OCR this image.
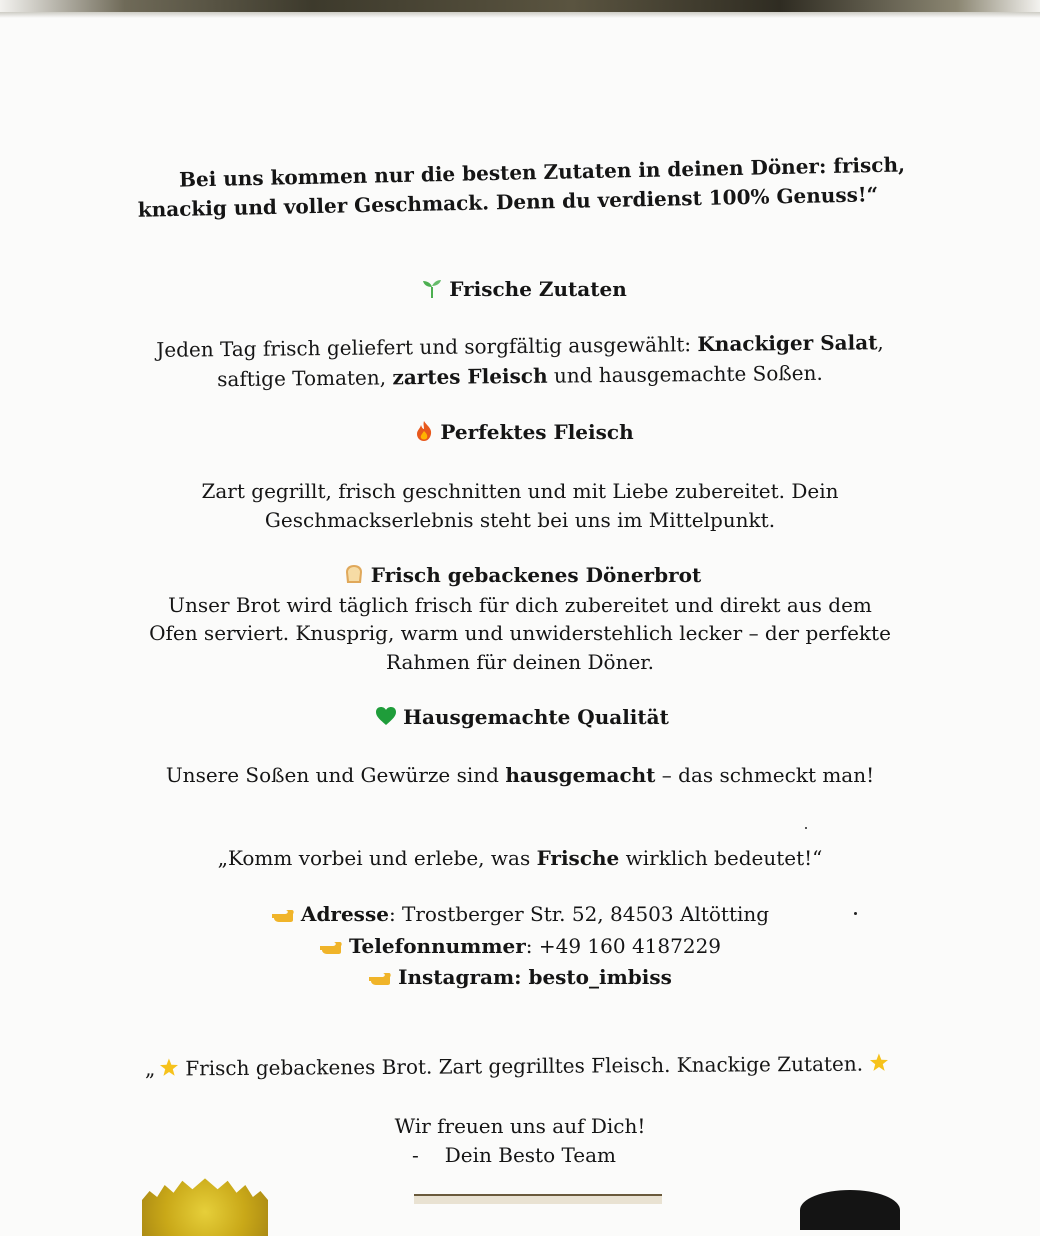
Bei uns kommen nur die besten Zutaten in deinen Döner: frisch,
knackig und voller Geschmack. Denn du verdienst 100% Genuss!“
Frische Zutaten
Jeden Tag frisch geliefert und sorgfältig ausgewählt: Knackiger Salat,
saftige Tomaten, zartes Fleisch und hausgemachte Soßen.
Perfektes Fleisch
Zart gegrillt, frisch geschnitten und mit Liebe zubereitet. Dein
Geschmackserlebnis steht bei uns im Mittelpunkt.
Frisch gebackenes Dönerbrot
Unser Brot wird täglich frisch für dich zubereitet und direkt aus dem
Ofen serviert. Knusprig, warm und unwiderstehlich lecker – der perfekte
Rahmen für deinen Döner.
Hausgemachte Qualität
Unsere Soßen und Gewürze sind hausgemacht – das schmeckt man!
„Komm vorbei und erlebe, was Frische wirklich bedeutet!“
Adresse: Trostberger Str. 52, 84503 Altötting
Telefonnummer: +49 160 4187229
Instagram: besto_imbiss
„ Frisch gebackenes Brot. Zart gegrilltes Fleisch. Knackige Zutaten.
Wir freuen uns auf Dich!
- Dein Besto Team
